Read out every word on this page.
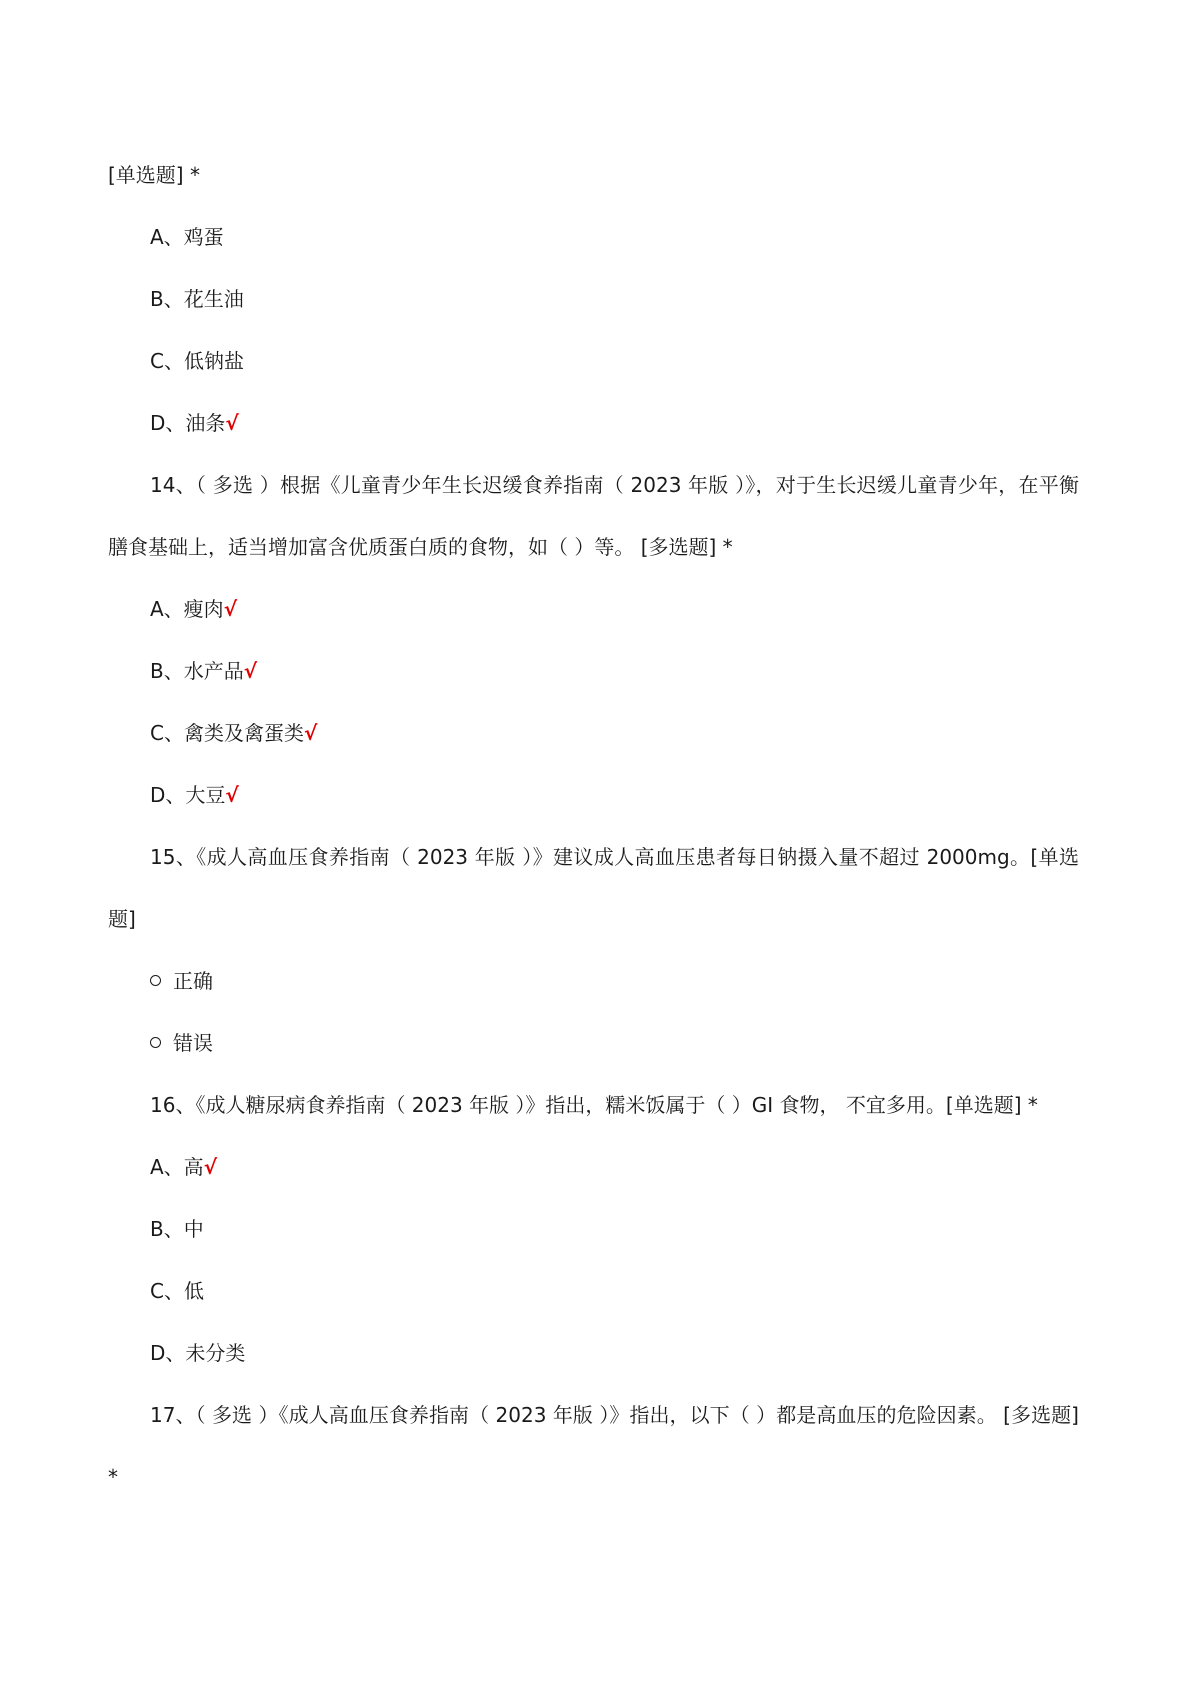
[单选题] *
A、鸡蛋
B、花生油
C、低钠盐
D、油条√
14、（ 多选 ）根据《儿童青少年生长迟缓食养指南（ 2023 年版 ）》，对于生长迟缓儿童青少年，在平衡
膳食基础上，适当增加富含优质蛋白质的食物，如（ ）等。 [多选题] *
A、瘦肉√
B、水产品√
C、禽类及禽蛋类√
D、大豆√
15、《成人高血压食养指南（ 2023 年版 ）》建议成人高血压患者每日钠摄入量不超过 2000mg。[单选
题]
正确
错误
16、《成人糖尿病食养指南（ 2023 年版 ）》指出，糯米饭属于（ ）GI 食物， 不宜多用。[单选题] *
A、高√
B、中
C、低
D、未分类
17、（ 多选 ）《成人高血压食养指南（ 2023 年版 ）》指出，以下（ ）都是高血压的危险因素。 [多选题]
*
